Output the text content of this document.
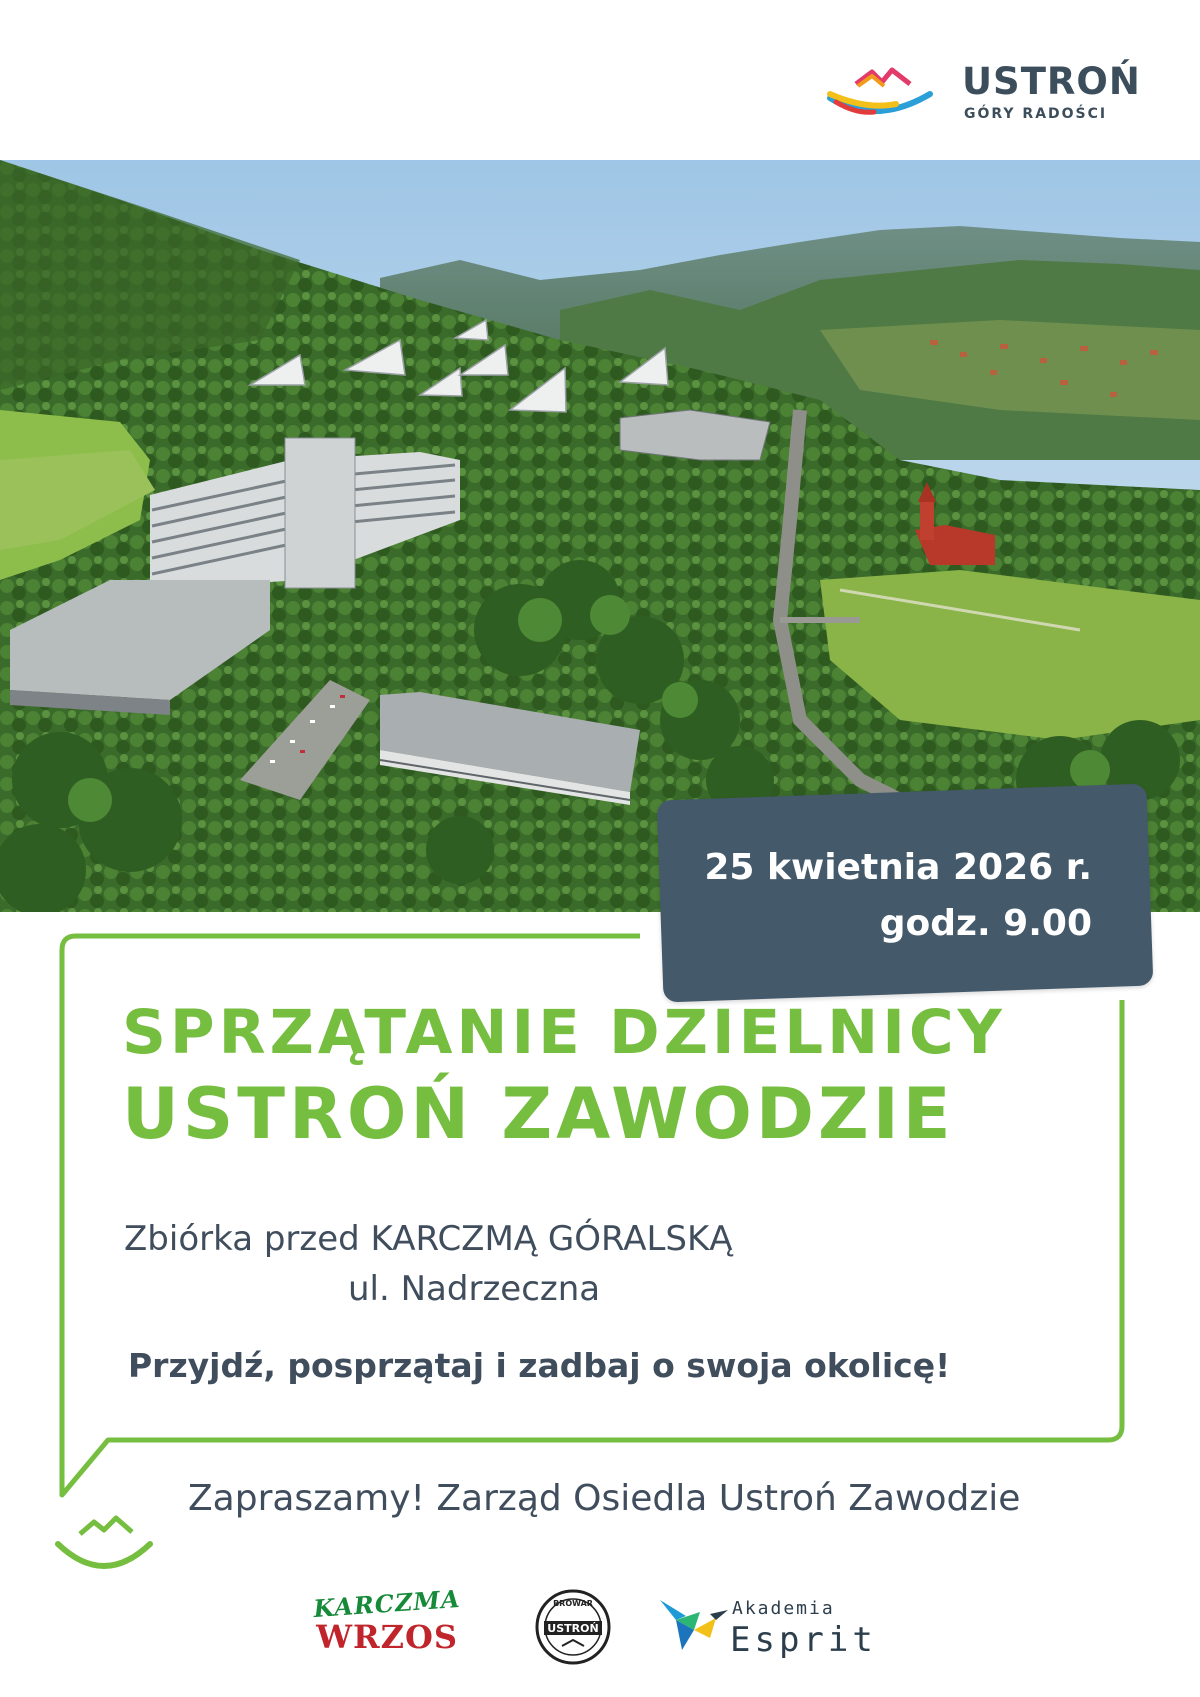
USTROŃ
GÓRY RADOŚCI
25 kwietnia 2026 r.
godz. 9.00
SPRZĄTANIE DZIELNICY
USTROŃ ZAWODZIE
Zbiórka przed KARCZMĄ GÓRALSKĄ
ul. Nadrzeczna
Przyjdź, posprzątaj i zadbaj o swoja okolicę!
Zapraszamy! Zarząd Osiedla Ustroń Zawodzie
KARCZMA
WRZOS
BROWAR
USTROŃ
Akademia
Esprit
